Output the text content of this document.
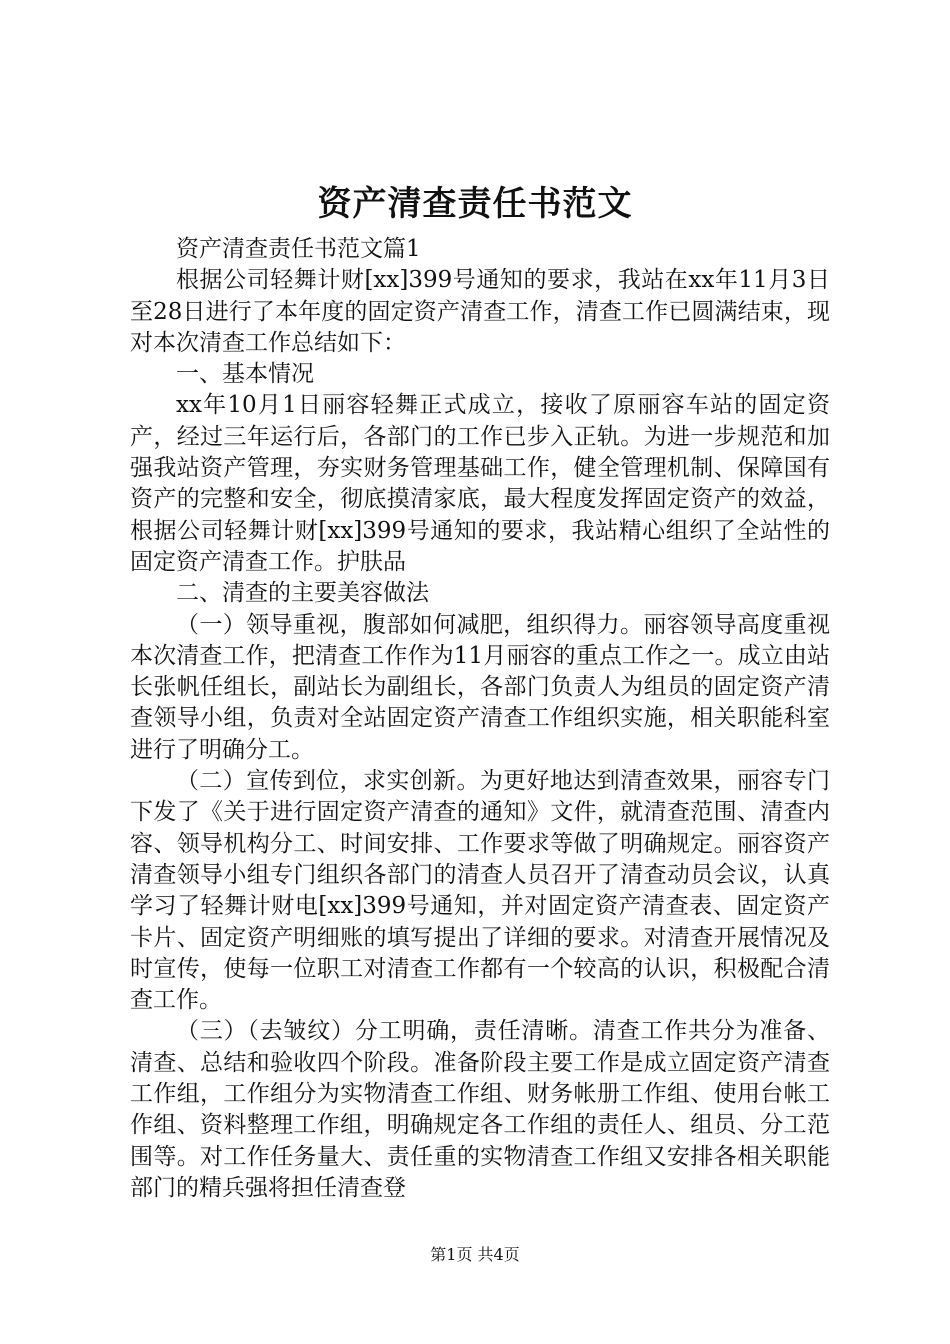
资产清查责任书范文

资产清查责任书范文篇1

根据公司轻舞计财[xx]399号通知的要求，我站在xx年11月3日至28日进行了本年度的固定资产清查工作，清查工作已圆满结束，现对本次清查工作总结如下：

一、基本情况

xx年10月1日丽容轻舞正式成立，接收了原丽容车站的固定资产，经过三年运行后，各部门的工作已步入正轨。为进一步规范和加强我站资产管理，夯实财务管理基础工作，健全管理机制、保障国有资产的完整和安全，彻底摸清家底，最大程度发挥固定资产的效益，根据公司轻舞计财[xx]399号通知的要求，我站精心组织了全站性的固定资产清查工作。护肤品

二、清查的主要美容做法

（一）领导重视，腹部如何减肥，组织得力。丽容领导高度重视本次清查工作，把清查工作作为11月丽容的重点工作之一。成立由站长张帆任组长，副站长为副组长，各部门负责人为组员的固定资产清查领导小组，负责对全站固定资产清查工作组织实施，相关职能科室进行了明确分工。

（二）宣传到位，求实创新。为更好地达到清查效果，丽容专门下发了《关于进行固定资产清查的通知》文件，就清查范围、清查内容、领导机构分工、时间安排、工作要求等做了明确规定。丽容资产清查领导小组专门组织各部门的清查人员召开了清查动员会议，认真学习了轻舞计财电[xx]399号通知，并对固定资产清查表、固定资产卡片、固定资产明细账的填写提出了详细的要求。对清查开展情况及时宣传，使每一位职工对清查工作都有一个较高的认识，积极配合清查工作。

（三）（去皱纹）分工明确，责任清晰。清查工作共分为准备、清查、总结和验收四个阶段。准备阶段主要工作是成立固定资产清查工作组，工作组分为实物清查工作组、财务帐册工作组、使用台帐工作组、资料整理工作组，明确规定各工作组的责任人、组员、分工范围等。对工作任务量大、责任重的实物清查工作组又安排各相关职能部门的精兵强将担任清查登

第1页 共4页
